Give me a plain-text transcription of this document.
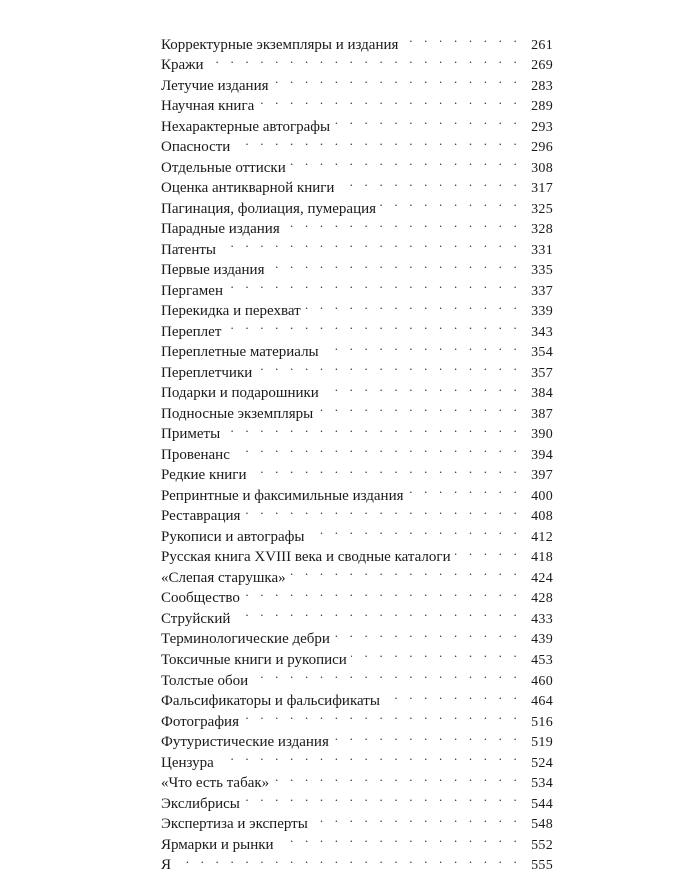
Корректурные экземпляры и издания . . .	261
Кражи . . .	269
Летучие издания . . .	283
Научная книга . . .	289
Нехарактерные автографы . . .	293
Опасности . . .	296
Отдельные оттиски . . .	308
Оценка антикварной книги . . .	317
Пагинация, фолиация, пумерация . . .	325
Парадные издания . . .	328
Патенты . . .	331
Первые издания . . .	335
Пергамен . . .	337
Перекидка и перехват . . .	339
Переплет . . .	343
Переплетные материалы . . .	354
Переплетчики . . .	357
Подарки и подарошники . . .	384
Подносные экземпляры . . .	387
Приметы . . .	390
Провенанс . . .	394
Редкие книги . . .	397
Репринтные и факсимильные издания . . .	400
Реставрация . . .	408
Рукописи и автографы . . .	412
Русская книга XVIII века и сводные каталоги . . .	418
«Слепая старушка» . . .	424
Сообщество . . .	428
Струйский . . .	433
Терминологические дебри . . .	439
Токсичные книги и рукописи . . .	453
Толстые обои . . .	460
Фальсификаторы и фальсификаты . . .	464
Фотография . . .	516
Футуристические издания . . .	519
Цензура . . .	524
«Что есть табак» . . .	534
Экслибрисы . . .	544
Экспертиза и эксперты . . .	548
Ярмарки и рынки . . .	552
Я . . .	555
